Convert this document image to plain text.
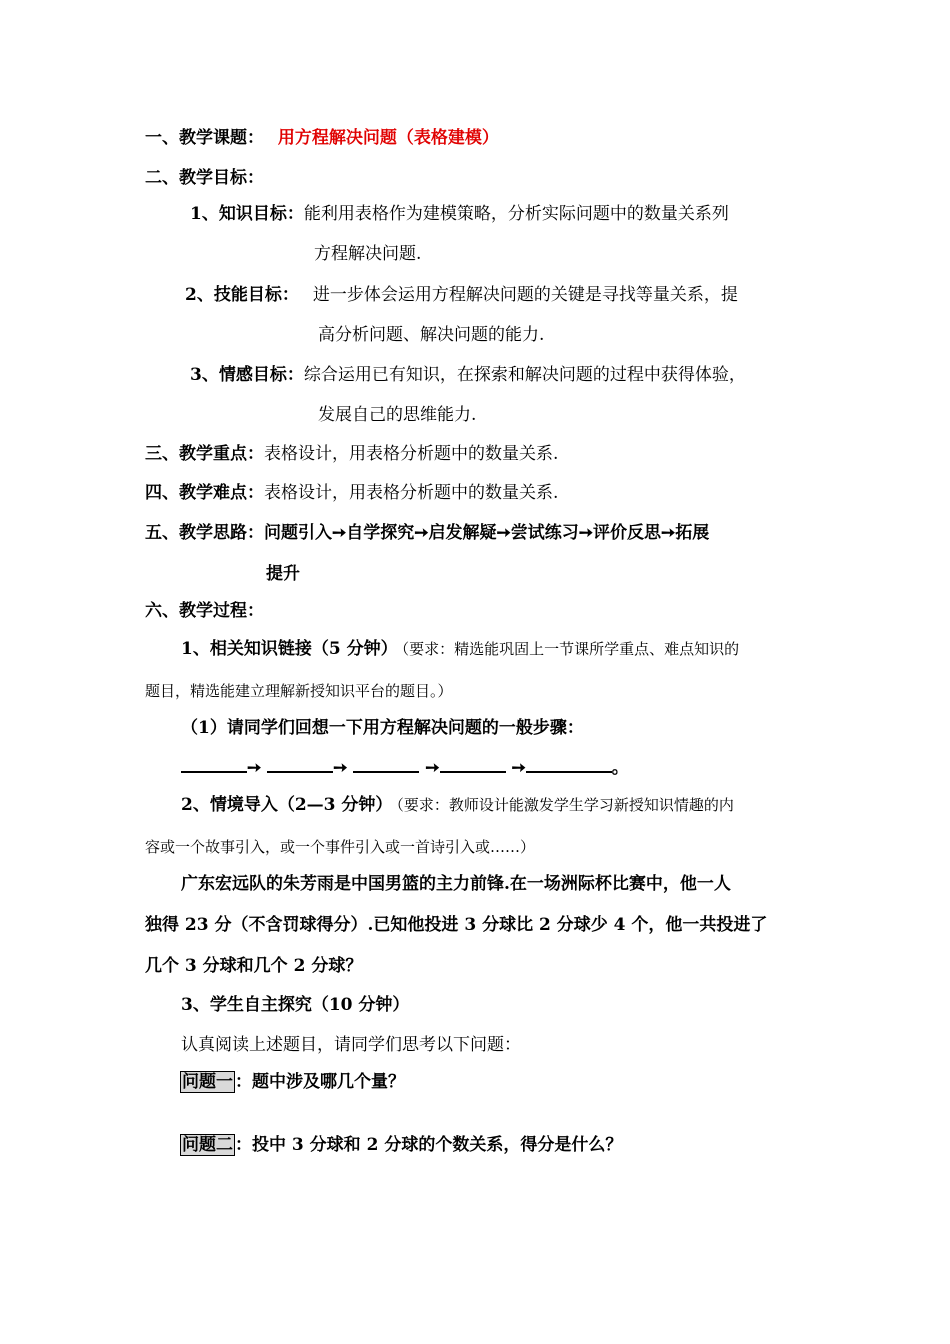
一、教学课题： 用方程解决问题（表格建模）
二、教学目标：
1、知识目标：能利用表格作为建模策略，分析实际问题中的数量关系列
方程解决问题.
2、技能目标： 进一步体会运用方程解决问题的关键是寻找等量关系，提
高分析问题、解决问题的能力.
3、情感目标：综合运用已有知识，在探索和解决问题的过程中获得体验，
发展自己的思维能力.
三、教学重点：表格设计，用表格分析题中的数量关系.
四、教学难点：表格设计，用表格分析题中的数量关系.
五、教学思路：问题引入➙自学探究➙启发解疑➙尝试练习➙评价反思➙拓展
提升
六、教学过程：
1、相关知识链接（5 分钟） （要求：精选能巩固上一节课所学重点、难点知识的
题目，精选能建立理解新授知识平台的题目。）
（1）请同学们回想一下用方程解决问题的一般步骤：
➙	➙	➙	➙	。
2、情境导入（2—3 分钟） （要求：教师设计能激发学生学习新授知识情趣的内
容或一个故事引入，或一个事件引入或一首诗引入或……）
广东宏远队的朱芳雨是中国男篮的主力前锋.在一场洲际杯比赛中，他一人
独得 23 分（不含罚球得分）.已知他投进 3 分球比 2 分球少 4 个，他一共投进了
几个 3 分球和几个 2 分球？
3、学生自主探究（10 分钟）
认真阅读上述题目，请同学们思考以下问题：
问题一 ：题中涉及哪几个量？
问题二 ：投中 3 分球和 2 分球的个数关系，得分是什么？
